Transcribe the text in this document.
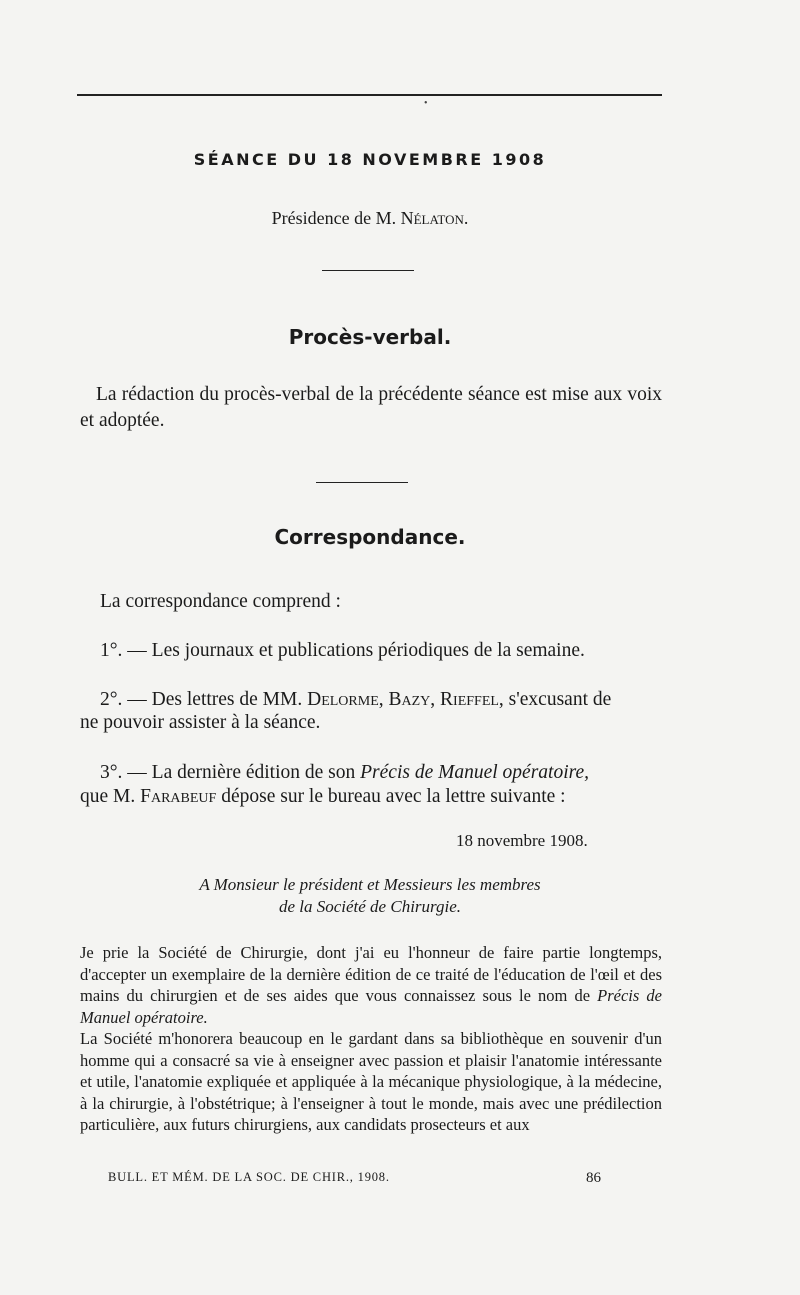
•
SÉANCE DU 18 NOVEMBRE 1908
Présidence de M. Nélaton.
Procès-verbal.
La rédaction du procès-verbal de la précédente séance est mise aux voix et adoptée.
Correspondance.
La correspondance comprend :
1°. — Les journaux et publications périodiques de la semaine.
2°. — Des lettres de MM. Delorme, Bazy, Rieffel, s'excusant de
ne pouvoir assister à la séance.
3°. — La dernière édition de son Précis de Manuel opératoire,
que M. Farabeuf dépose sur le bureau avec la lettre suivante :
18 novembre 1908.
A Monsieur le président et Messieurs les membres
de la Société de Chirurgie.

Je prie la Société de Chirurgie, dont j'ai eu l'honneur de faire partie longtemps, d'accepter un exemplaire de la dernière édition de ce traité de l'éducation de l'œil et des mains du chirurgien et de ses aides que vous connaissez sous le nom de Précis de Manuel opératoire.

La Société m'honorera beaucoup en le gardant dans sa bibliothèque en souvenir d'un homme qui a consacré sa vie à enseigner avec passion et plaisir l'anatomie intéressante et utile, l'anatomie expliquée et appliquée à la mécanique physiologique, à la médecine, à la chirurgie, à l'obstétrique; à l'enseigner à tout le monde, mais avec une prédilection particulière, aux futurs chirurgiens, aux candidats prosecteurs et aux

BULL. ET MÉM. DE LA SOC. DE CHIR., 1908.	86
